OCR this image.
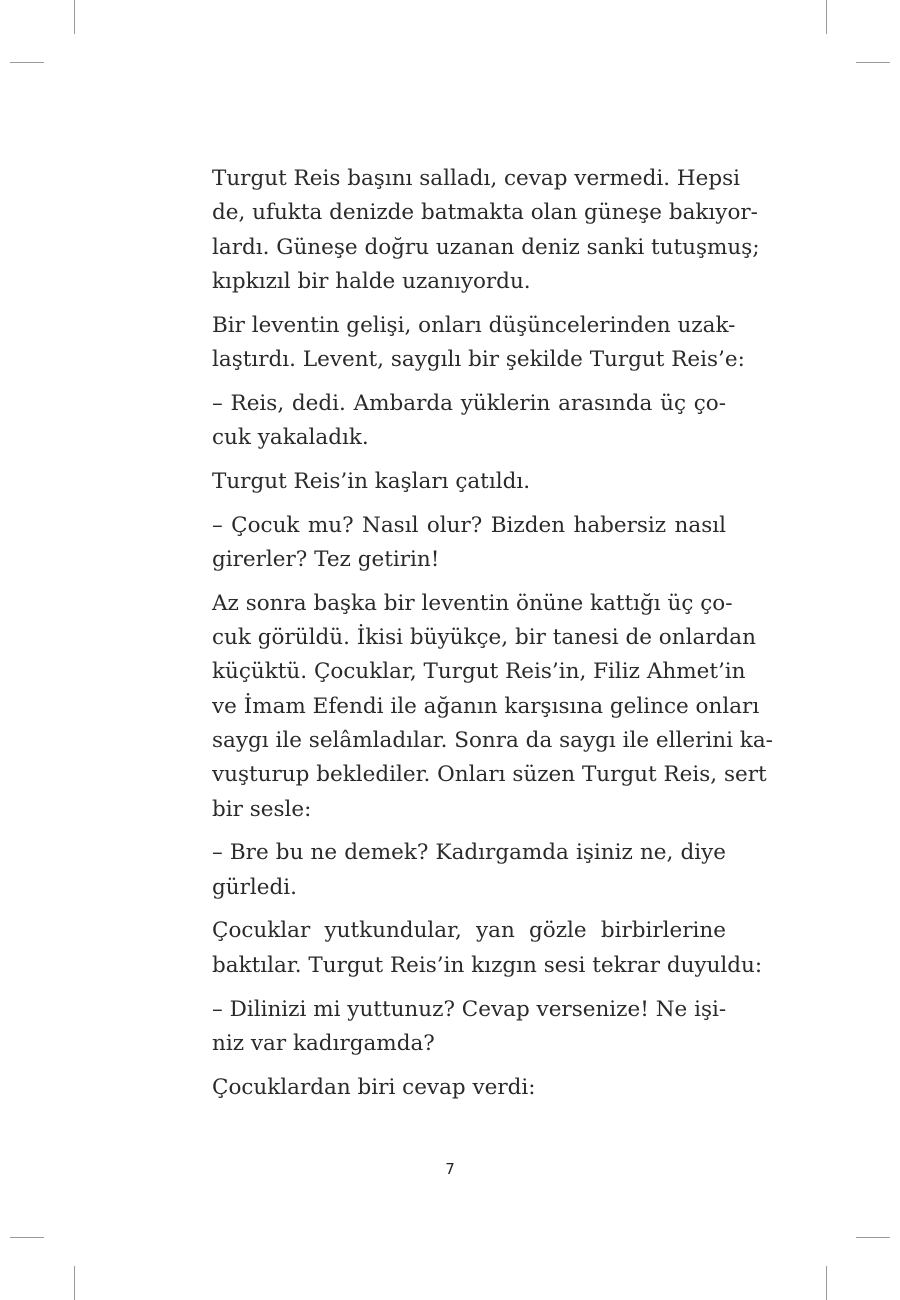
Turgut Reis başını salladı, cevap vermedi. Hepsi
de, ufukta denizde batmakta olan güneşe bakıyor-
lardı. Güneşe doğru uzanan deniz sanki tutuşmuş;
kıpkızıl bir halde uzanıyordu.

Bir leventin gelişi, onları düşüncelerinden uzak-
laştırdı. Levent, saygılı bir şekilde Turgut Reis’e:

– Reis, dedi. Ambarda yüklerin arasında üç ço-
cuk yakaladık.

Turgut Reis’in kaşları çatıldı.

– Çocuk mu? Nasıl olur? Bizden habersiz nasıl
girerler? Tez getirin!

Az sonra başka bir leventin önüne kattığı üç ço-
cuk görüldü. İkisi büyükçe, bir tanesi de onlardan
küçüktü. Çocuklar, Turgut Reis’in, Filiz Ahmet’in
ve İmam Efendi ile ağanın karşısına gelince onları
saygı ile selâmladılar. Sonra da saygı ile ellerini ka-
vuşturup beklediler. Onları süzen Turgut Reis, sert
bir sesle:

– Bre bu ne demek? Kadırgamda işiniz ne, diye
gürledi.

Çocuklar yutkundular, yan gözle birbirlerine
baktılar. Turgut Reis’in kızgın sesi tekrar duyuldu:

– Dilinizi mi yuttunuz? Cevap versenize! Ne işi-
niz var kadırgamda?

Çocuklardan biri cevap verdi:

7
